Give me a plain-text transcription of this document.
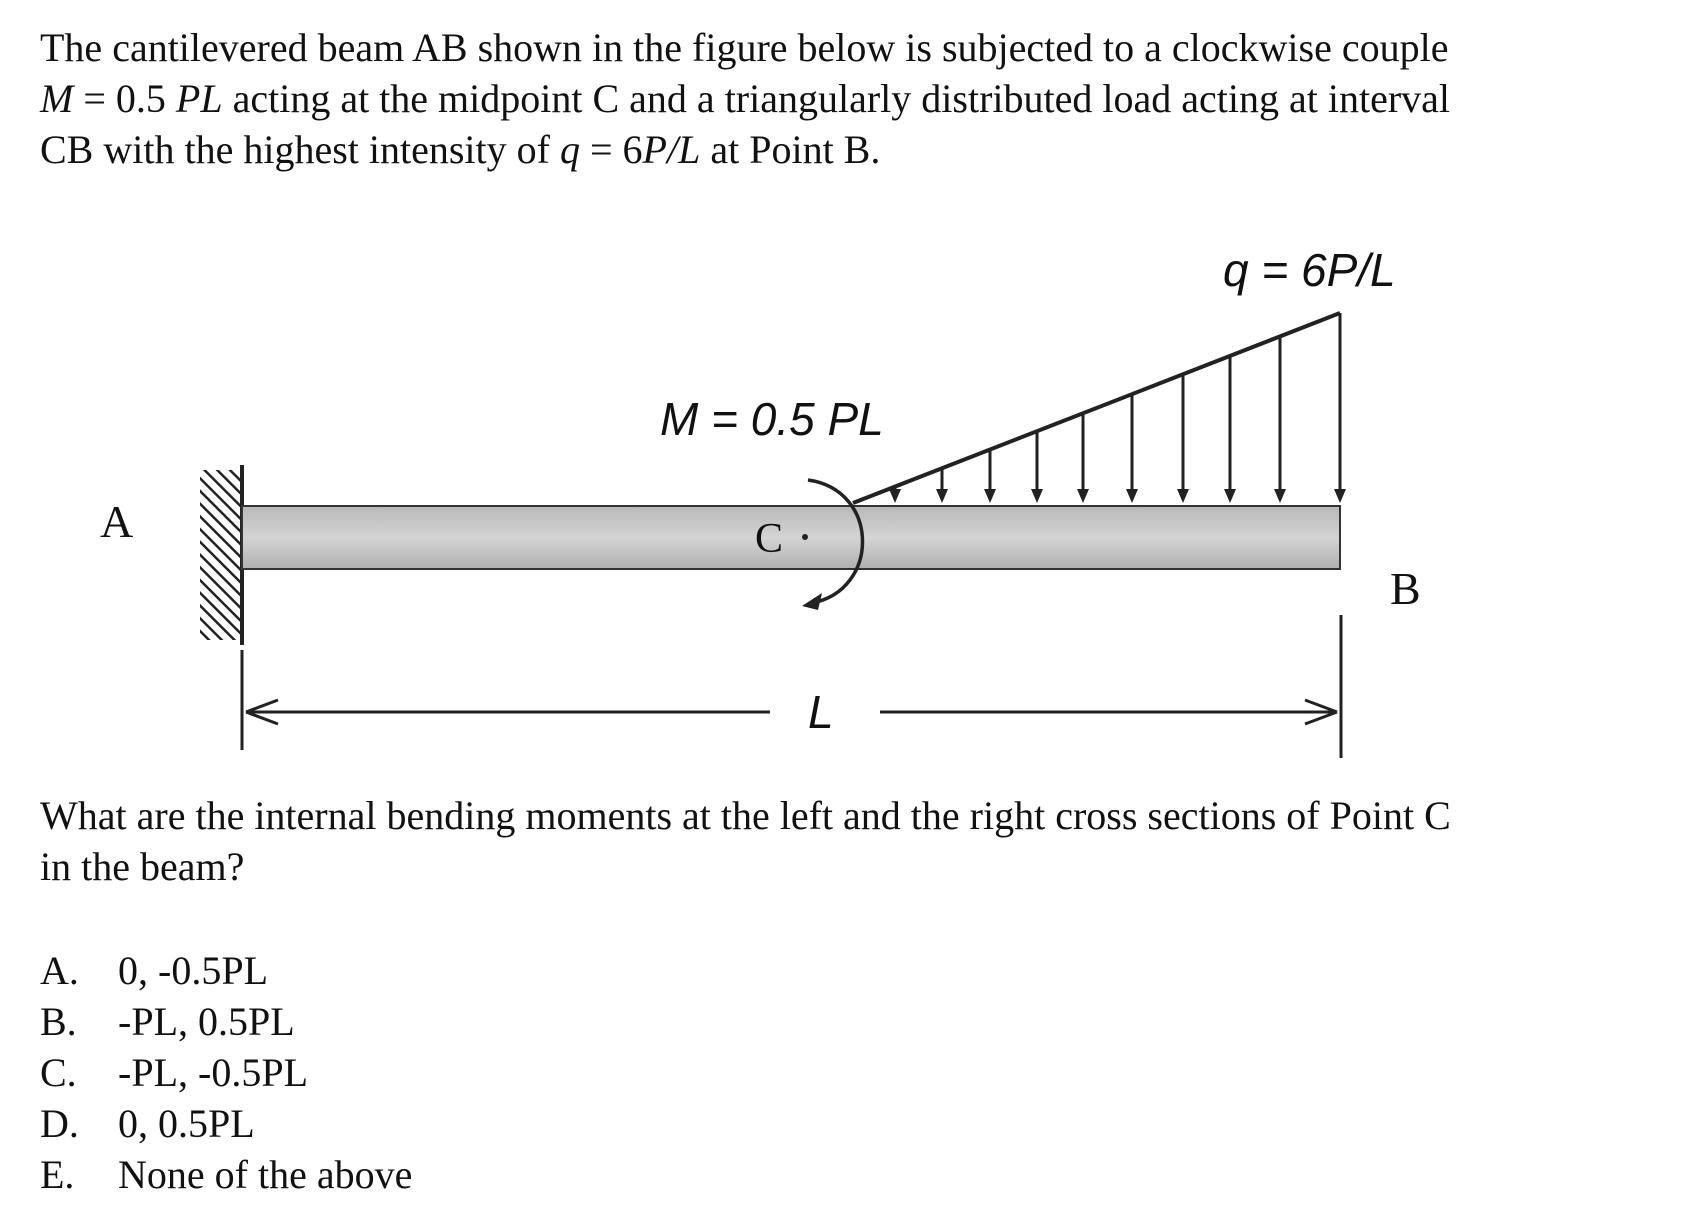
The cantilevered beam AB shown in the figure below is subjected to a clockwise couple
M = 0.5 PL acting at the midpoint C and a triangularly distributed load acting at interval
CB with the highest intensity of q = 6P/L at Point B.

A
B
C
M = 0.5 PL
q = 6P/L
L

What are the internal bending moments at the left and the right cross sections of Point C
in the beam?

A. 0, -0.5PL
B. -PL, 0.5PL
C. -PL, -0.5PL
D. 0, 0.5PL
E. None of the above
